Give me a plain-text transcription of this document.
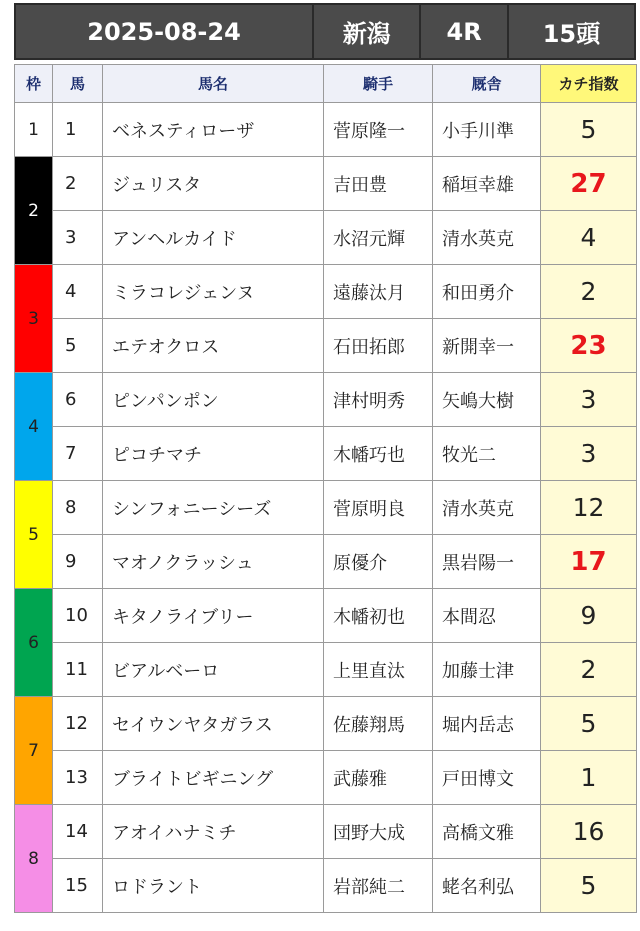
2025-08-24	新潟	4R	15頭
枠	馬	馬名	騎手	厩舎	カチ指数
1	1	ベネスティローザ	菅原隆一	小手川準	5
2	2	ジュリスタ	吉田豊	稲垣幸雄	27
	3	アンヘルカイド	水沼元輝	清水英克	4
3	4	ミラコレジェンヌ	遠藤汰月	和田勇介	2
	5	エテオクロス	石田拓郎	新開幸一	23
4	6	ピンパンポン	津村明秀	矢嶋大樹	3
	7	ピコチマチ	木幡巧也	牧光二	3
5	8	シンフォニーシーズ	菅原明良	清水英克	12
	9	マオノクラッシュ	原優介	黒岩陽一	17
6	10	キタノライブリー	木幡初也	本間忍	9
	11	ビアルベーロ	上里直汰	加藤士津	2
7	12	セイウンヤタガラス	佐藤翔馬	堀内岳志	5
	13	ブライトビギニング	武藤雅	戸田博文	1
8	14	アオイハナミチ	団野大成	高橋文雅	16
	15	ロドラント	岩部純二	蛯名利弘	5
